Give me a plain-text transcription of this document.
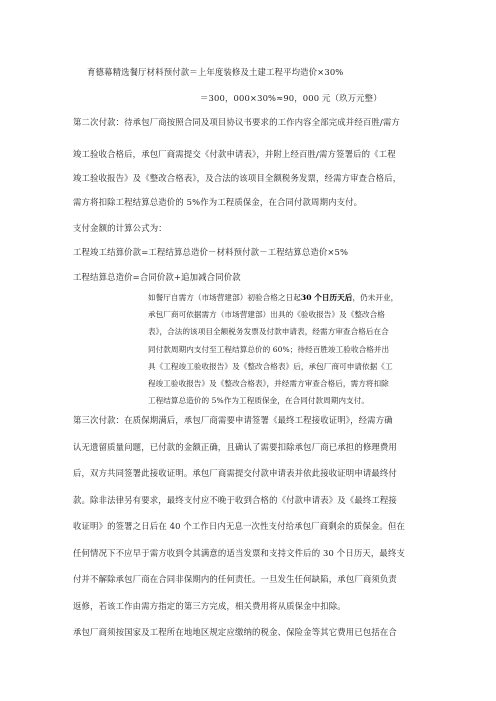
育德幕精选餐厅材料预付款＝上年度装修及土建工程平均造价×30%
＝300，000×30%≈90，000 元（玖万元整）
第二次付款：待承包厂商按照合同及项目协议书要求的工作内容全部完成并经百胜/需方
竣工验收合格后，承包厂商需提交《付款申请表》，并附上经百胜/需方签署后的《工程
竣工验收报告》及《整改合格表》，及合法的该项目全额税务发票，经需方审查合格后，
需方将扣除工程结算总造价的 5%作为工程质保金，在合同付款周期内支付。
支付金额的计算公式为：
工程竣工结算价款=工程结算总造价－材料预付款－工程结算总造价×5%
工程结算总造价=合同价款+追加减合同价款
如餐厅自需方（市场营建部）初验合格之日起30 个日历天后，仍未开业，
承包厂商可依据需方（市场营建部）出具的《验收报告》及《整改合格
表》，合法的该项目全额税务发票及付款申请表，经需方审查合格后在合
同付款周期内支付至工程结算总价的 60%；待经百胜竣工验收合格并出
具《工程竣工验收报告》及《整改合格表》后，承包厂商可申请依据《工
程竣工验收报告》及《整改合格表》，并经需方审查合格后，需方将扣除
工程结算总造价的 5%作为工程质保金，在合同付款周期内支付。
第三次付款：在质保期满后，承包厂商需要申请签署《最终工程接收证明》，经需方确
认无遗留质量问题，已付款的金额正确，且确认了需要扣除承包厂商已承担的修理费用
后，双方共同签署此接收证明。承包厂商需提交付款申请表并依此接收证明申请最终付
款。除非法律另有要求，最终支付应不晚于收到合格的《付款申请表》及《最终工程接
收证明》的签署之日后在 40 个工作日内无息一次性支付给承包厂商剩余的质保金。但在
任何情况下不应早于需方收到令其满意的适当发票和支持文件后的 30 个日历天，最终支
付并不解除承包厂商在合同非保期内的任何责任。一旦发生任何缺陷，承包厂商须负责
返修，若该工作由需方指定的第三方完成，相关费用将从质保金中扣除。
承包厂商须按国家及工程所在地地区规定应缴纳的税金、保险金等其它费用已包括在合
